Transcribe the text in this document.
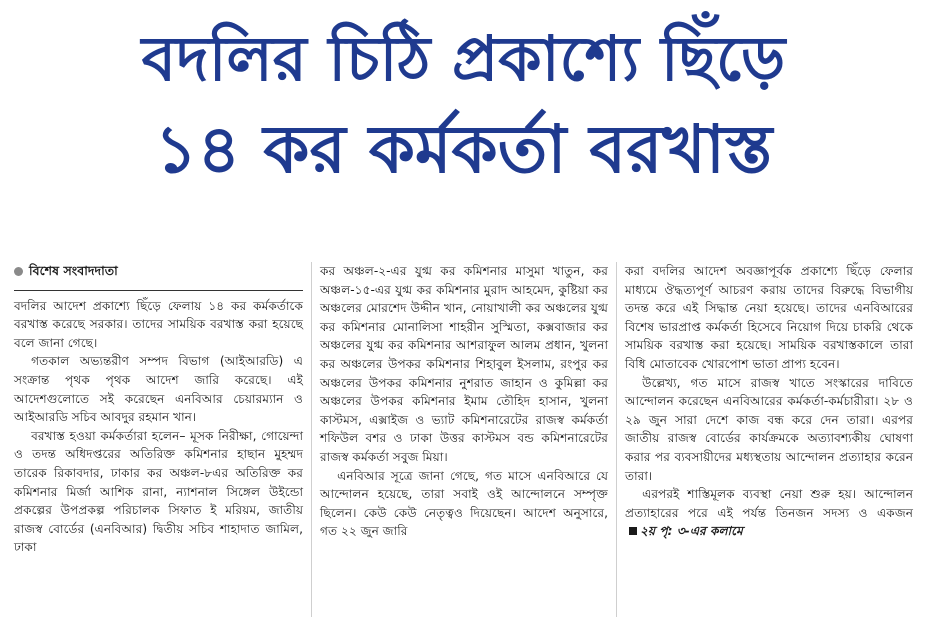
বদলির চিঠি প্রকাশ্যে ছিঁড়ে
১৪ কর কর্মকর্তা বরখাস্ত
বিশেষ সংবাদদাতা

বদলির আদেশ প্রকাশ্যে ছিঁড়ে ফেলায় ১৪ কর কর্মকর্তাকে বরখাস্ত করেছে সরকার। তাদের সাময়িক বরখাস্ত করা হয়েছে বলে জানা গেছে।

গতকাল অভ্যন্তরীণ সম্পদ বিভাগ (আইআরডি) এ সংক্রান্ত পৃথক পৃথক আদেশ জারি করেছে। এই আদেশগুলোতে সই করেছেন এনবিআর চেয়ারম্যান ও আইআরডি সচিব আবদুর রহমান খান।

বরখাস্ত হওয়া কর্মকর্তারা হলেন– মূসক নিরীক্ষা, গোয়েন্দা ও তদন্ত অধিদপ্তরের অতিরিক্ত কমিশনার হাছান মুহম্মদ তারেক রিকাবদার, ঢাকার কর অঞ্চল-৮এর অতিরিক্ত কর কমিশনার মির্জা আশিক রানা, ন্যাশনাল সিঙ্গেল উইন্ডো প্রকল্পের উপপ্রকল্প পরিচালক সিফাত ই মরিয়ম, জাতীয় রাজস্ব বোর্ডের (এনবিআর) দ্বিতীয় সচিব শাহাদাত জামিল, ঢাকা

কর অঞ্চল-২-এর যুগ্ম কর কমিশনার মাসুমা খাতুন, কর অঞ্চল-১৫-এর যুগ্ম কর কমিশনার মুরাদ আহমেদ, কুষ্টিয়া কর অঞ্চলের মোরশেদ উদ্দীন খান, নোয়াখালী কর অঞ্চলের যুগ্ম কর কমিশনার মোনালিসা শাহরীন সুস্মিতা, কক্সবাজার কর অঞ্চলের যুগ্ম কর কমিশনার আশরাফুল আলম প্রধান, খুলনা কর অঞ্চলের উপকর কমিশনার শিহাবুল ইসলাম, রংপুর কর অঞ্চলের উপকর কমিশনার নুশরাত জাহান ও কুমিল্লা কর অঞ্চলের উপকর কমিশনার ইমাম তৌহিদ হাসান, খুলনা কাস্টমস, এক্সাইজ ও ভ্যাট কমিশনারেটের রাজস্ব কর্মকর্তা শফিউল বশর ও ঢাকা উত্তর কাস্টমস বন্ড কমিশনারেটের রাজস্ব কর্মকর্তা সবুজ মিয়া।

এনবিআর সূত্রে জানা গেছে, গত মাসে এনবিআরে যে আন্দোলন হয়েছে, তারা সবাই ওই আন্দোলনে সম্পৃক্ত ছিলেন। কেউ কেউ নেতৃত্বও দিয়েছেন। আদেশ অনুসারে, গত ২২ জুন জারি

করা বদলির আদেশ অবজ্ঞাপূর্বক প্রকাশ্যে ছিঁড়ে ফেলার মাধ্যমে ঔদ্ধত্যপূর্ণ আচরণ করায় তাদের বিরুদ্ধে বিভাগীয় তদন্ত করে এই সিদ্ধান্ত নেয়া হয়েছে। তাদের এনবিআরের বিশেষ ভারপ্রাপ্ত কর্মকর্তা হিসেবে নিয়োগ দিয়ে চাকরি থেকে সাময়িক বরখাস্ত করা হয়েছে। সাময়িক বরখাস্তকালে তারা বিধি মোতাবেক খোরপোশ ভাতা প্রাপ্য হবেন।

উল্লেখ্য, গত মাসে রাজস্ব খাতে সংস্কারের দাবিতে আন্দোলন করেছেন এনবিআরের কর্মকর্তা-কর্মচারীরা। ২৮ ও ২৯ জুন সারা দেশে কাজ বন্ধ করে দেন তারা। এরপর জাতীয় রাজস্ব বোর্ডের কার্যক্রমকে অত্যাবশ্যকীয় ঘোষণা করার পর ব্যবসায়ীদের মধ্যস্থতায় আন্দোলন প্রত্যাহার করেন তারা।

এরপরই শাস্তিমূলক ব্যবস্থা নেয়া শুরু হয়। আন্দোলন প্রত্যাহারের পরে এই পর্যন্ত তিনজন সদস্য ও একজন২য় পৃ: ৩-এর কলামে
